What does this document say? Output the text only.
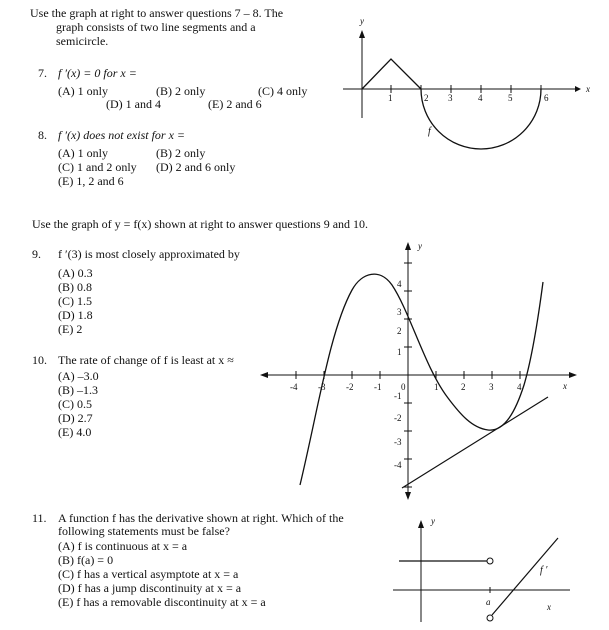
Use the graph at right to answer questions 7 – 8. The
graph consists of two line segments and a
semicircle.
7. f ′(x) = 0 for x =
(A) 1 only	(B) 2 only	(C) 4 only
(D) 1 and 4	(E) 2 and 6
8. f ′(x) does not exist for x =
(A) 1 only	(B) 2 only
(C) 1 and 2 only (D) 2 and 6 only
(E) 1, 2 and 6
y
x
1	2 3	4	5	6
f
Use the graph of y = f(x) shown at right to answer questions 9 and 10.
9. f ′(3) is most closely approximated by
(A) 0.3
(B) 0.8
(C) 1.5
(D) 1.8
(E) 2
10. The rate of change of f is least at x ≈
(A) –3.0
(B) –1.3
(C) 0.5
(D) 2.7
(E) 4.0
y
x
-4 -3 -2 -1 0	1	2	3	4
4
3
2
1
-1
-2
-3
-4
11. A function f has the derivative shown at right. Which of the
following statements must be false?
(A) f is continuous at x = a
(B) f(a) = 0
(C) f has a vertical asymptote at x = a
(D) f has a jump discontinuity at x = a
(E) f has a removable discontinuity at x = a
y
x
a
f ′
